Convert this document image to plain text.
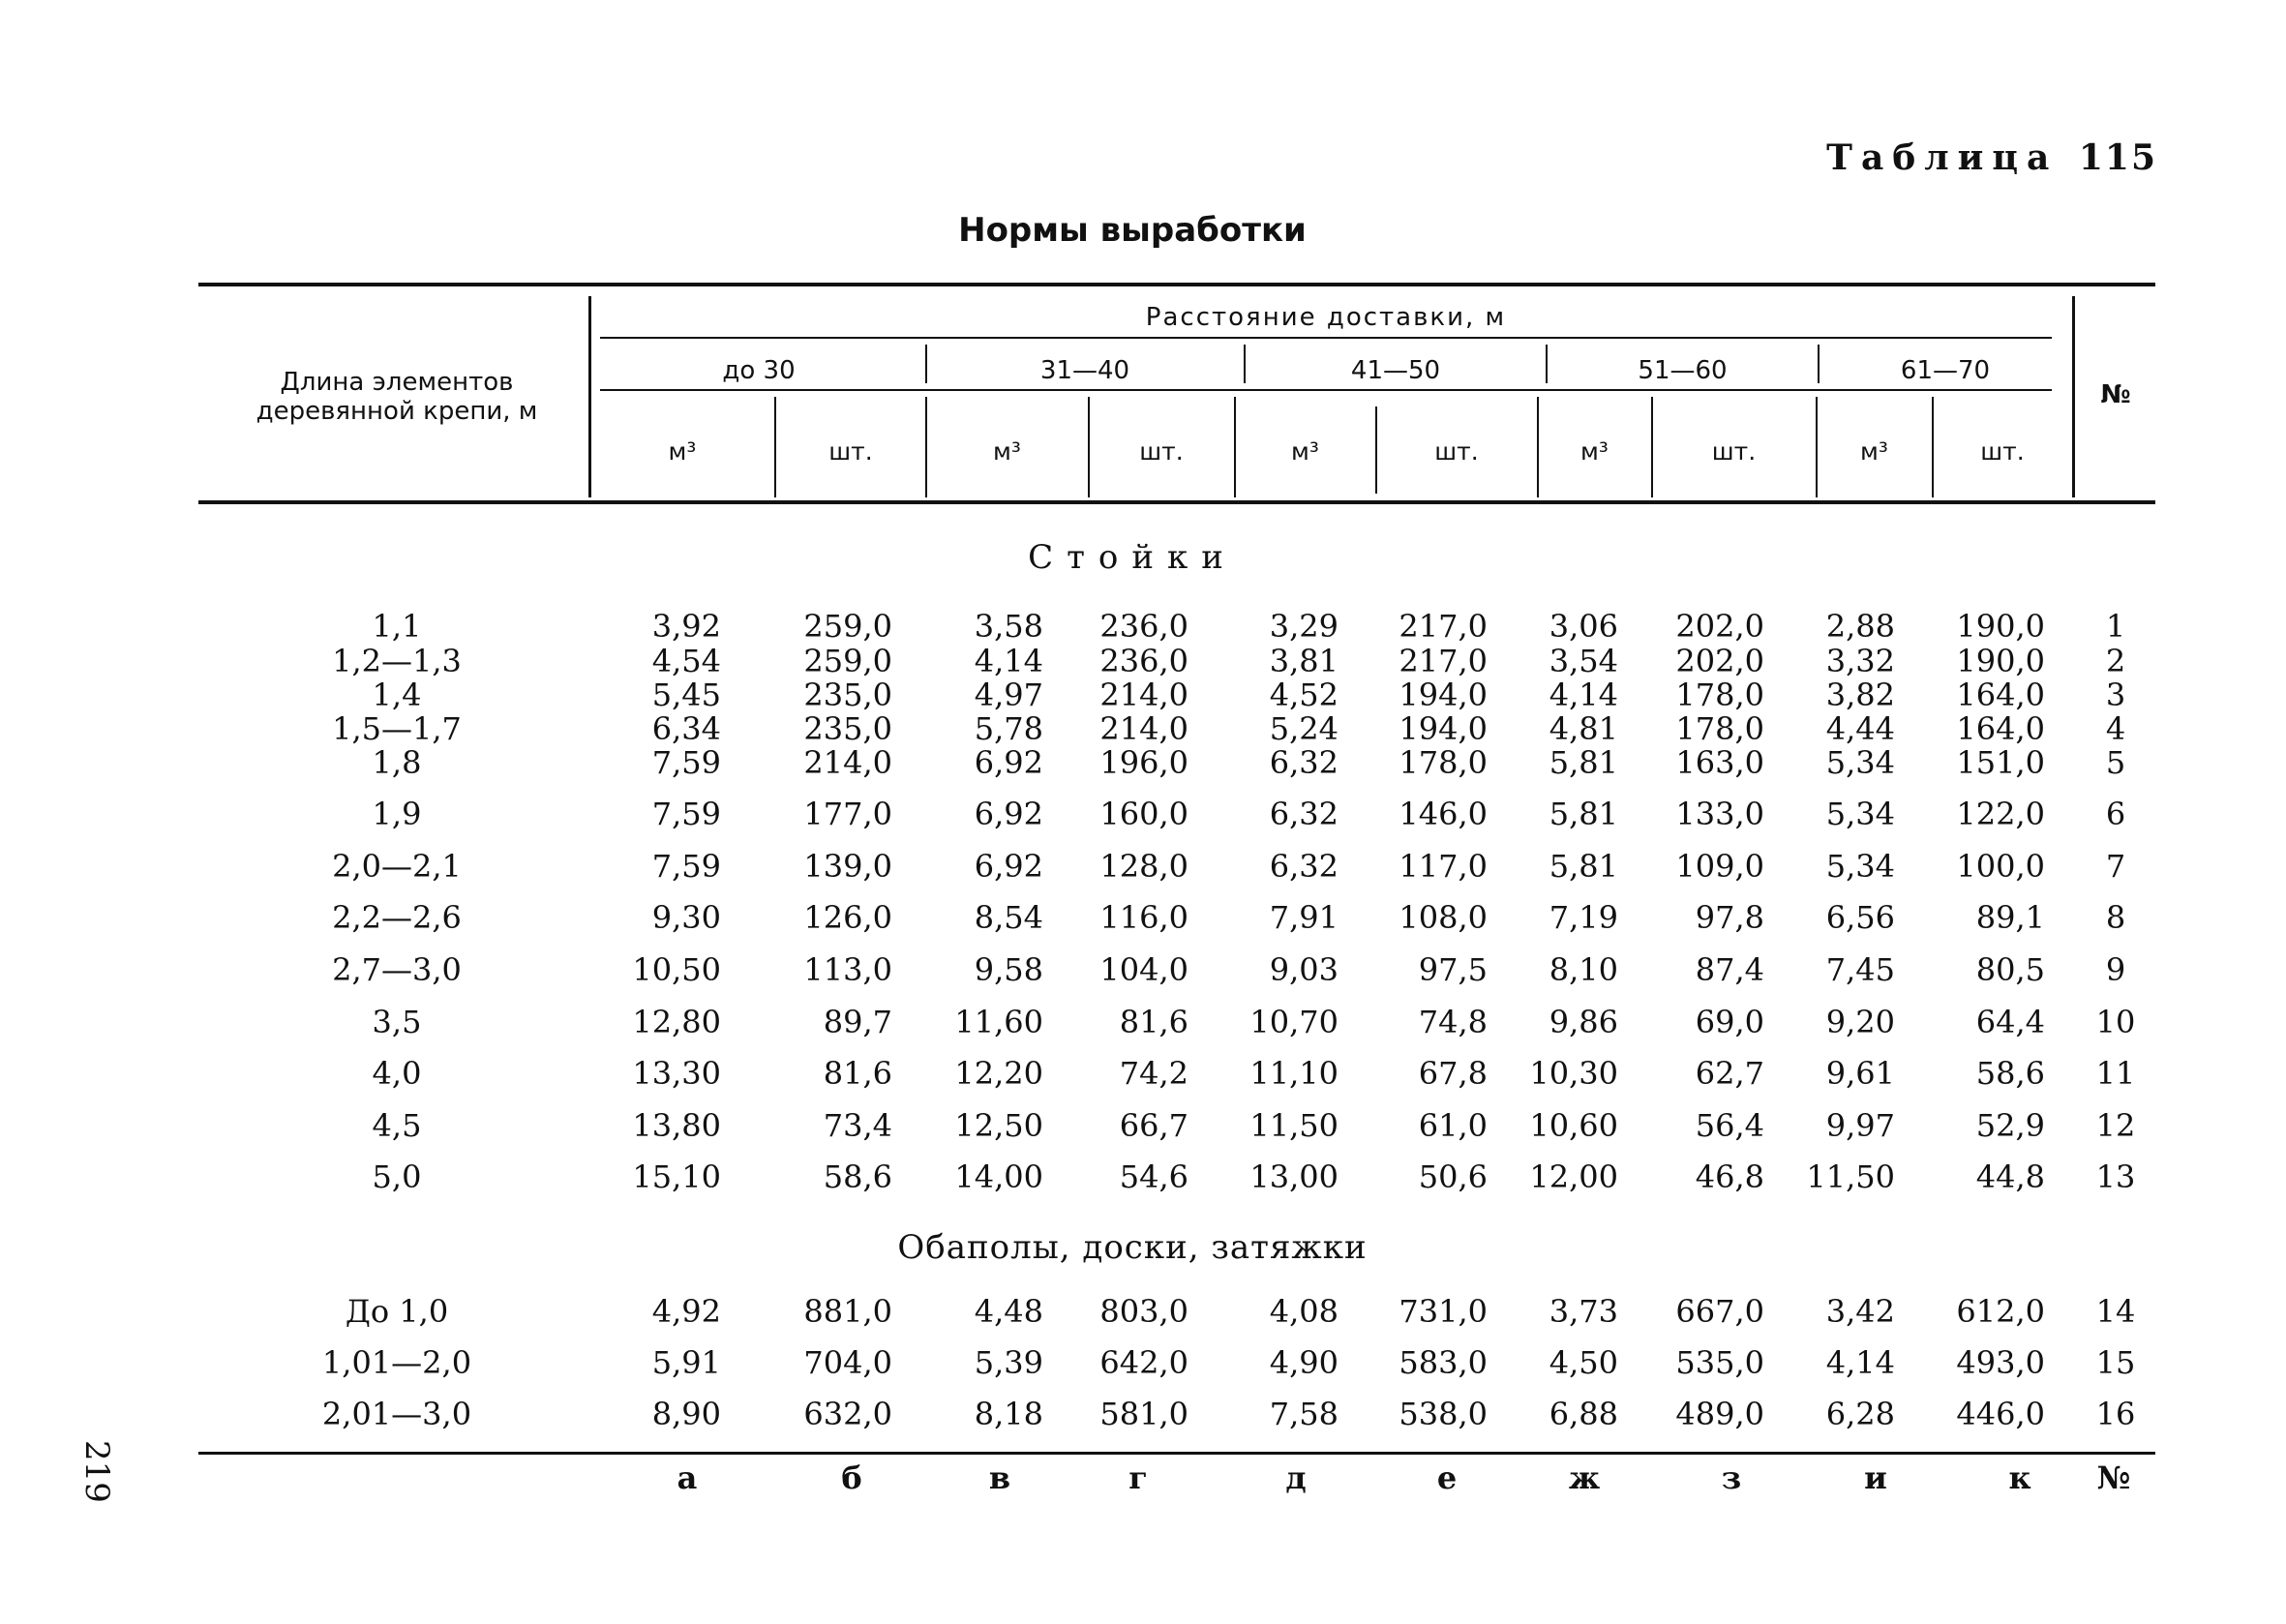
Таблица 115
Нормы выработки
219
Длина элементов деревянной крепи, м
Расстояние доставки, м
до 30	31—40	41—50	51—60	61—70
№
м³	шт.	м³	шт.	м³	шт.	м³	шт.	м³	шт.
Стойки
Обаполы, доски, затяжки
1,1	3,92	259,0	3,58	236,0	3,29	217,0	3,06	202,0	2,88	190,0	1
1,2—1,3	4,54	259,0	4,14	236,0	3,81	217,0	3,54	202,0	3,32	190,0	2
1,4	5,45	235,0	4,97	214,0	4,52	194,0	4,14	178,0	3,82	164,0	3
1,5—1,7	6,34	235,0	5,78	214,0	5,24	194,0	4,81	178,0	4,44	164,0	4
1,8	7,59	214,0	6,92	196,0	6,32	178,0	5,81	163,0	5,34	151,0	5
1,9	7,59	177,0	6,92	160,0	6,32	146,0	5,81	133,0	5,34	122,0	6
2,0—2,1	7,59	139,0	6,92	128,0	6,32	117,0	5,81	109,0	5,34	100,0	7
2,2—2,6	9,30	126,0	8,54	116,0	7,91	108,0	7,19	97,8	6,56	89,1	8
2,7—3,0	10,50	113,0	9,58	104,0	9,03	97,5	8,10	87,4	7,45	80,5	9
3,5	12,80	89,7	11,60	81,6	10,70	74,8	9,86	69,0	9,20	64,4	10
4,0	13,30	81,6	12,20	74,2	11,10	67,8	10,30	62,7	9,61	58,6	11
4,5	13,80	73,4	12,50	66,7	11,50	61,0	10,60	56,4	9,97	52,9	12
5,0	15,10	58,6	14,00	54,6	13,00	50,6	12,00	46,8	11,50	44,8	13
До 1,0	4,92	881,0	4,48	803,0	4,08	731,0	3,73	667,0	3,42	612,0	14
1,01—2,0	5,91	704,0	5,39	642,0	4,90	583,0	4,50	535,0	4,14	493,0	15
2,01—3,0	8,90	632,0	8,18	581,0	7,58	538,0	6,88	489,0	6,28	446,0	16
а	б	в	г	д	е	ж	з	и	к	№
